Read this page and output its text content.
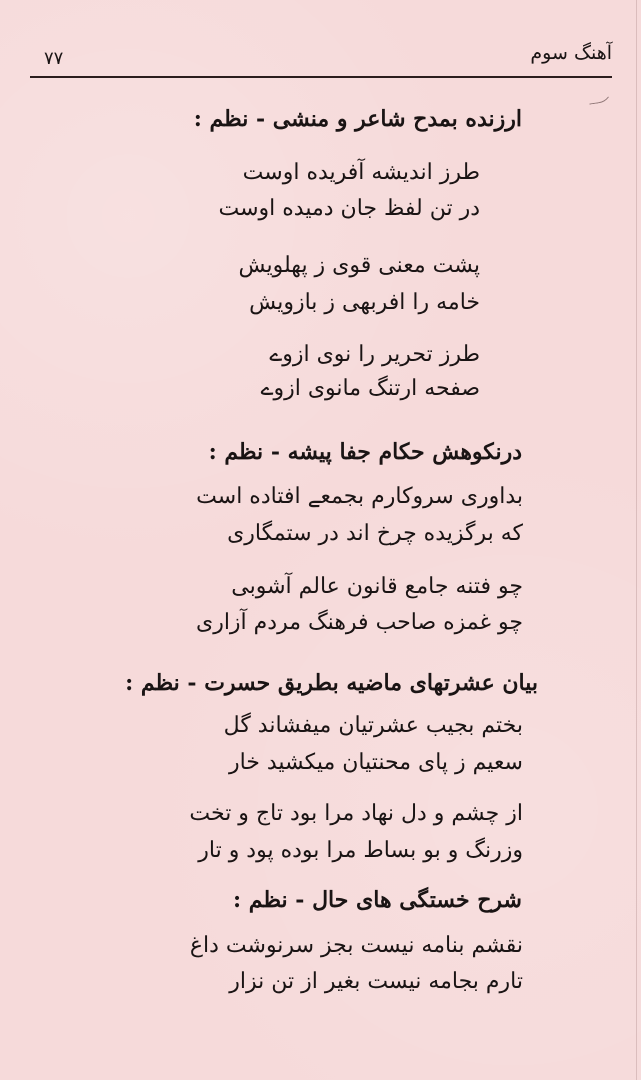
آهنگ سوم
۷۷
ارزنده بمدح شاعر و منشی - نظم :
طرز اندیشه آفریده اوست
در تن لفظ جان دمیده اوست
پشت معنی قوی ز پهلویش
خامه را افربهی ز بازویش
طرز تحریر را نوی ازوے
صفحه ارتنگ مانوی ازوے
درنکوهش حکام جفا پیشه - نظم :
بداوری سروکارم بجمعے افتاده است
که برگزیده چرخ اند در ستمگاری
چو فتنه جامع قانون عالم آشوبی
چو غمزه صاحب فرهنگ مردم آزاری
بیان عشرتهای ماضیه بطریق حسرت - نظم :
بختم بجیب عشرتیان میفشاند گل
سعیم ز پای محنتیان میکشید خار
از چشم و دل نهاد مرا بود تاج و تخت
وزرنگ و بو بساط مرا بوده پود و تار
شرح خستگی های حال - نظم :
نقشم بنامه نیست بجز سرنوشت داغ
تارم بجامه نیست بغیر از تن نزار
